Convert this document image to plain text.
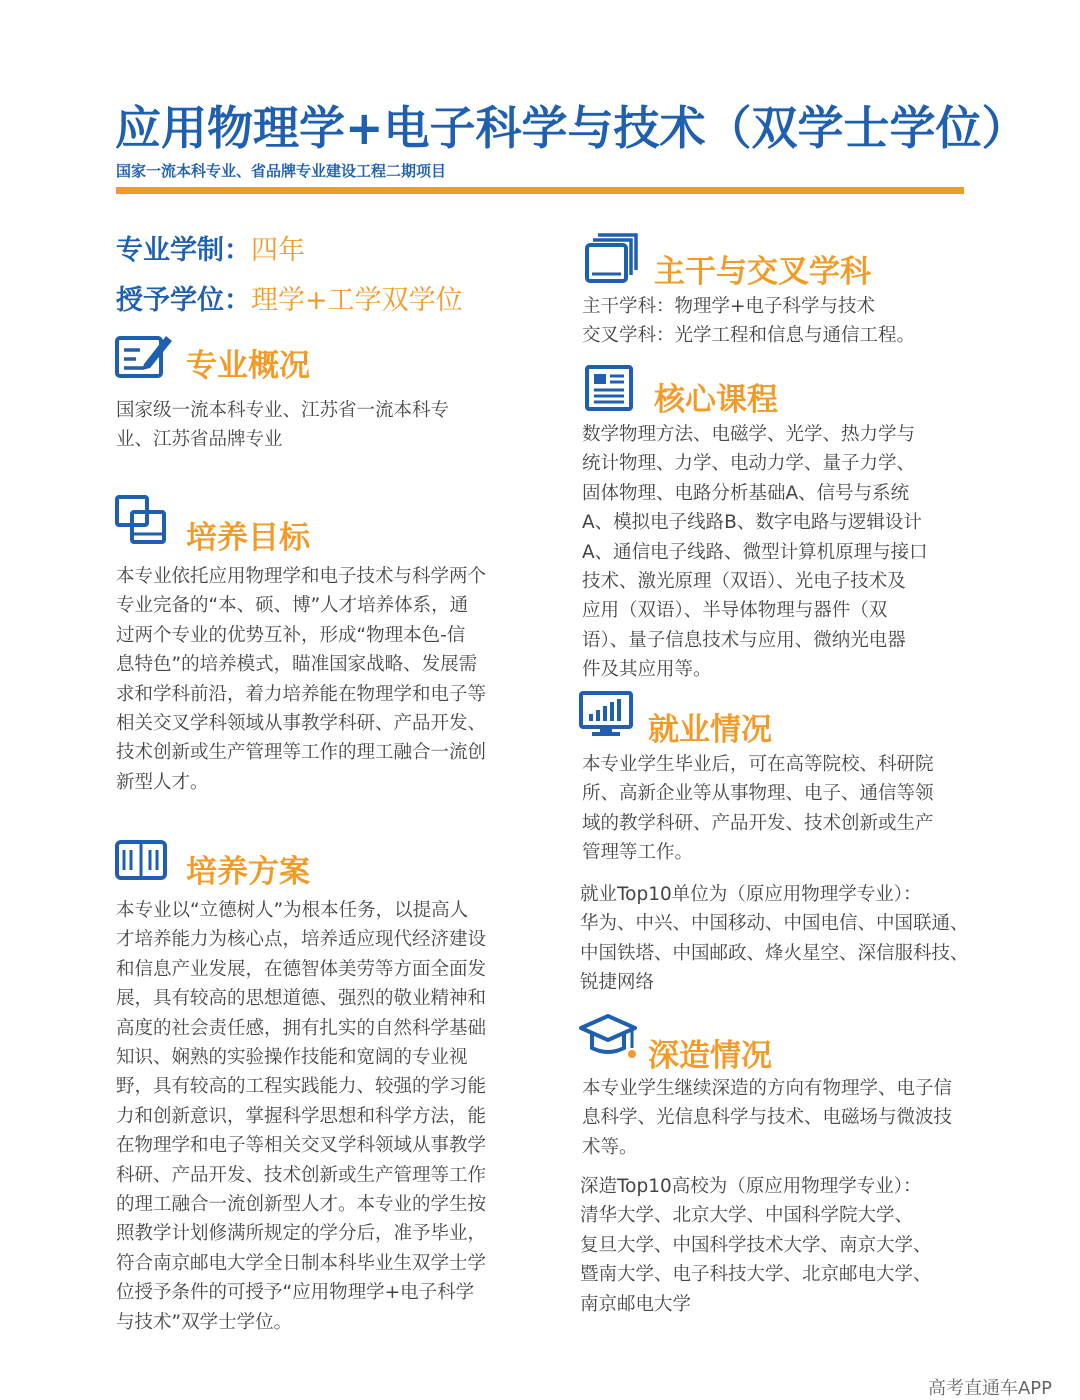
应用物理学+电子科学与技术（双学士学位）
国家一流本科专业、省品牌专业建设工程二期项目
专业学制：四年
授予学位：理学+工学双学位
专业概况
国家级一流本科专业、江苏省一流本科专
业、江苏省品牌专业
培养目标
本专业依托应用物理学和电子技术与科学两个
专业完备的“本、硕、博”人才培养体系，通
过两个专业的优势互补，形成“物理本色-信
息特色”的培养模式，瞄准国家战略、发展需
求和学科前沿，着力培养能在物理学和电子等
相关交叉学科领域从事教学科研、产品开发、
技术创新或生产管理等工作的理工融合一流创
新型人才。
培养方案
本专业以“立德树人”为根本任务，以提高人
才培养能力为核心点，培养适应现代经济建设
和信息产业发展，在德智体美劳等方面全面发
展，具有较高的思想道德、强烈的敬业精神和
高度的社会责任感，拥有扎实的自然科学基础
知识、娴熟的实验操作技能和宽阔的专业视
野，具有较高的工程实践能力、较强的学习能
力和创新意识，掌握科学思想和科学方法，能
在物理学和电子等相关交叉学科领域从事教学
科研、产品开发、技术创新或生产管理等工作
的理工融合一流创新型人才。本专业的学生按
照教学计划修满所规定的学分后，准予毕业，
符合南京邮电大学全日制本科毕业生双学士学
位授予条件的可授予“应用物理学+电子科学
与技术”双学士学位。
主干与交叉学科
主干学科：物理学+电子科学与技术
交叉学科：光学工程和信息与通信工程。
核心课程
数学物理方法、电磁学、光学、热力学与
统计物理、力学、电动力学、量子力学、
固体物理、电路分析基础A、信号与系统
A、模拟电子线路B、数字电路与逻辑设计
A、通信电子线路、微型计算机原理与接口
技术、激光原理（双语）、光电子技术及
应用（双语）、半导体物理与器件（双
语）、量子信息技术与应用、微纳光电器
件及其应用等。
就业情况
本专业学生毕业后，可在高等院校、科研院
所、高新企业等从事物理、电子、通信等领
域的教学科研、产品开发、技术创新或生产
管理等工作。
就业Top10单位为（原应用物理学专业）：
华为、中兴、中国移动、中国电信、中国联通、
中国铁塔、中国邮政、烽火星空、深信服科技、
锐捷网络
深造情况
本专业学生继续深造的方向有物理学、电子信
息科学、光信息科学与技术、电磁场与微波技
术等。
深造Top10高校为（原应用物理学专业）：
清华大学、北京大学、中国科学院大学、
复旦大学、中国科学技术大学、南京大学、
暨南大学、电子科技大学、北京邮电大学、
南京邮电大学
高考直通车APP
